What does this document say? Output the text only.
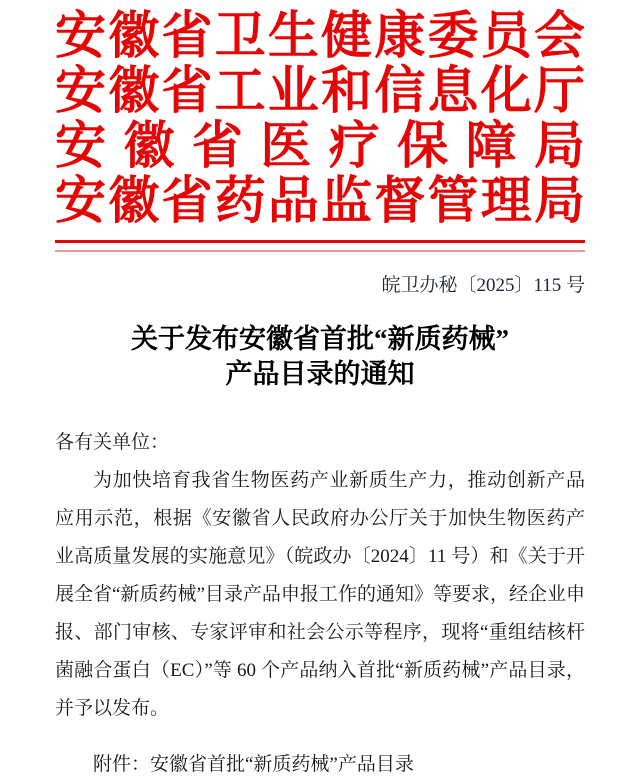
安徽省卫生健康委员会
安徽省工业和信息化厅
安徽省医疗保障局
安徽省药品监督管理局
皖卫办秘〔2025〕115 号
关于发布安徽省首批“新质药械”
产品目录的通知

各有关单位：

为加快培育我省生物医药产业新质生产力，推动创新产品应用示范，根据《安徽省人民政府办公厅关于加快生物医药产业高质量发展的实施意见》（皖政办〔2024〕11 号）和《关于开展全省“新质药械”目录产品申报工作的通知》等要求，经企业申报、部门审核、专家评审和社会公示等程序，现将“重组结核杆菌融合蛋白（EC）”等 60 个产品纳入首批“新质药械”产品目录，并予以发布。

附件：安徽省首批“新质药械”产品目录
